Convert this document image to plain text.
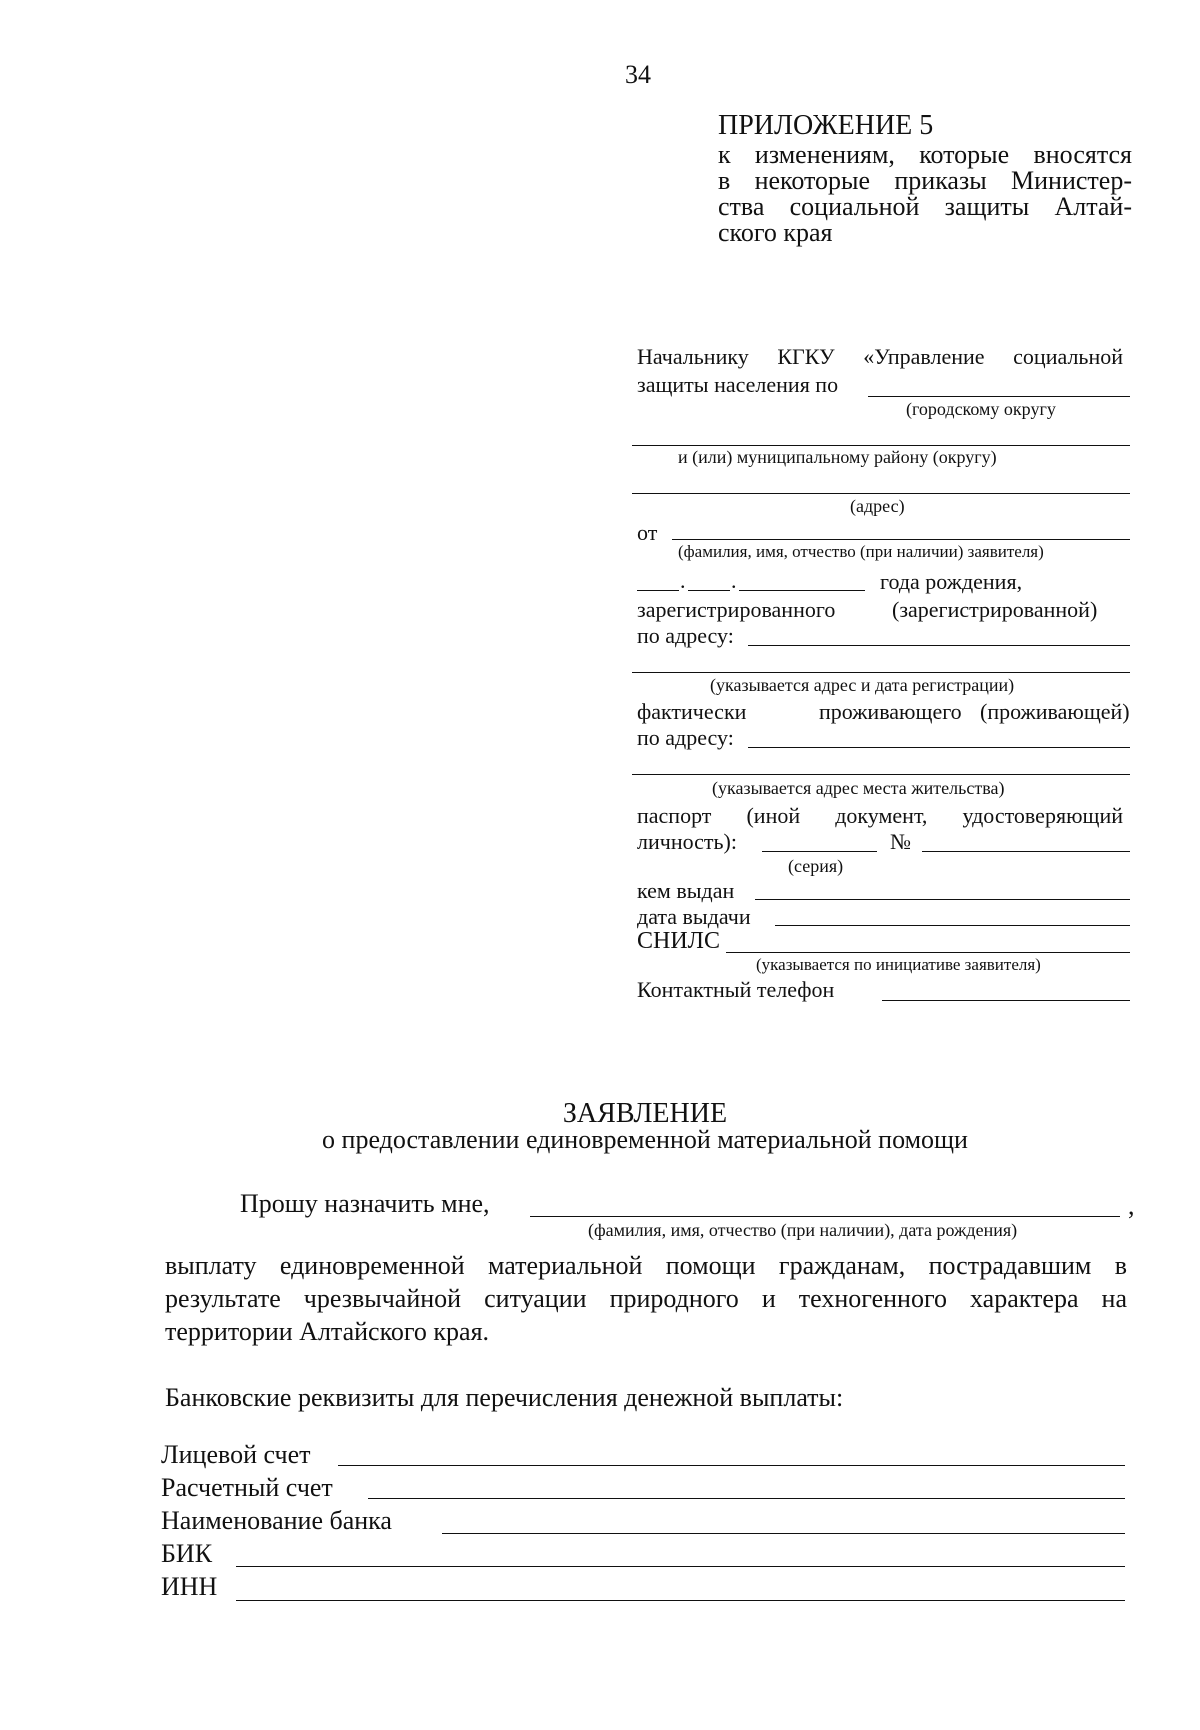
34
ПРИЛОЖЕНИЕ 5
к изменениям, которые вносятся
в некоторые приказы Министер-
ства социальной защиты Алтай-
ского края
Начальнику КГКУ «Управление социальной
защиты населения по
(городскому округу
и (или) муниципальному району (округу)
(адрес)
от
(фамилия, имя, отчество (при наличии) заявителя)
. .	года рождения,
зарегистрированного	(зарегистрированной)
по адресу:
(указывается адрес и дата регистрации)
фактически	проживающего (проживающей)
по адресу:
(указывается адрес места жительства)
паспорт (иной документ, удостоверяющий
личность):	№
(серия)
кем выдан
дата выдачи
СНИЛС
(указывается по инициативе заявителя)
Контактный телефон
ЗАЯВЛЕНИЕ
о предоставлении единовременной материальной помощи
Прошу назначить мне,	,
(фамилия, имя, отчество (при наличии), дата рождения)
выплату единовременной материальной помощи гражданам, пострадавшим в
результате чрезвычайной ситуации природного и техногенного характера на
территории Алтайского края.
Банковские реквизиты для перечисления денежной выплаты:
Лицевой счет
Расчетный счет
Наименование банка
БИК
ИНН
